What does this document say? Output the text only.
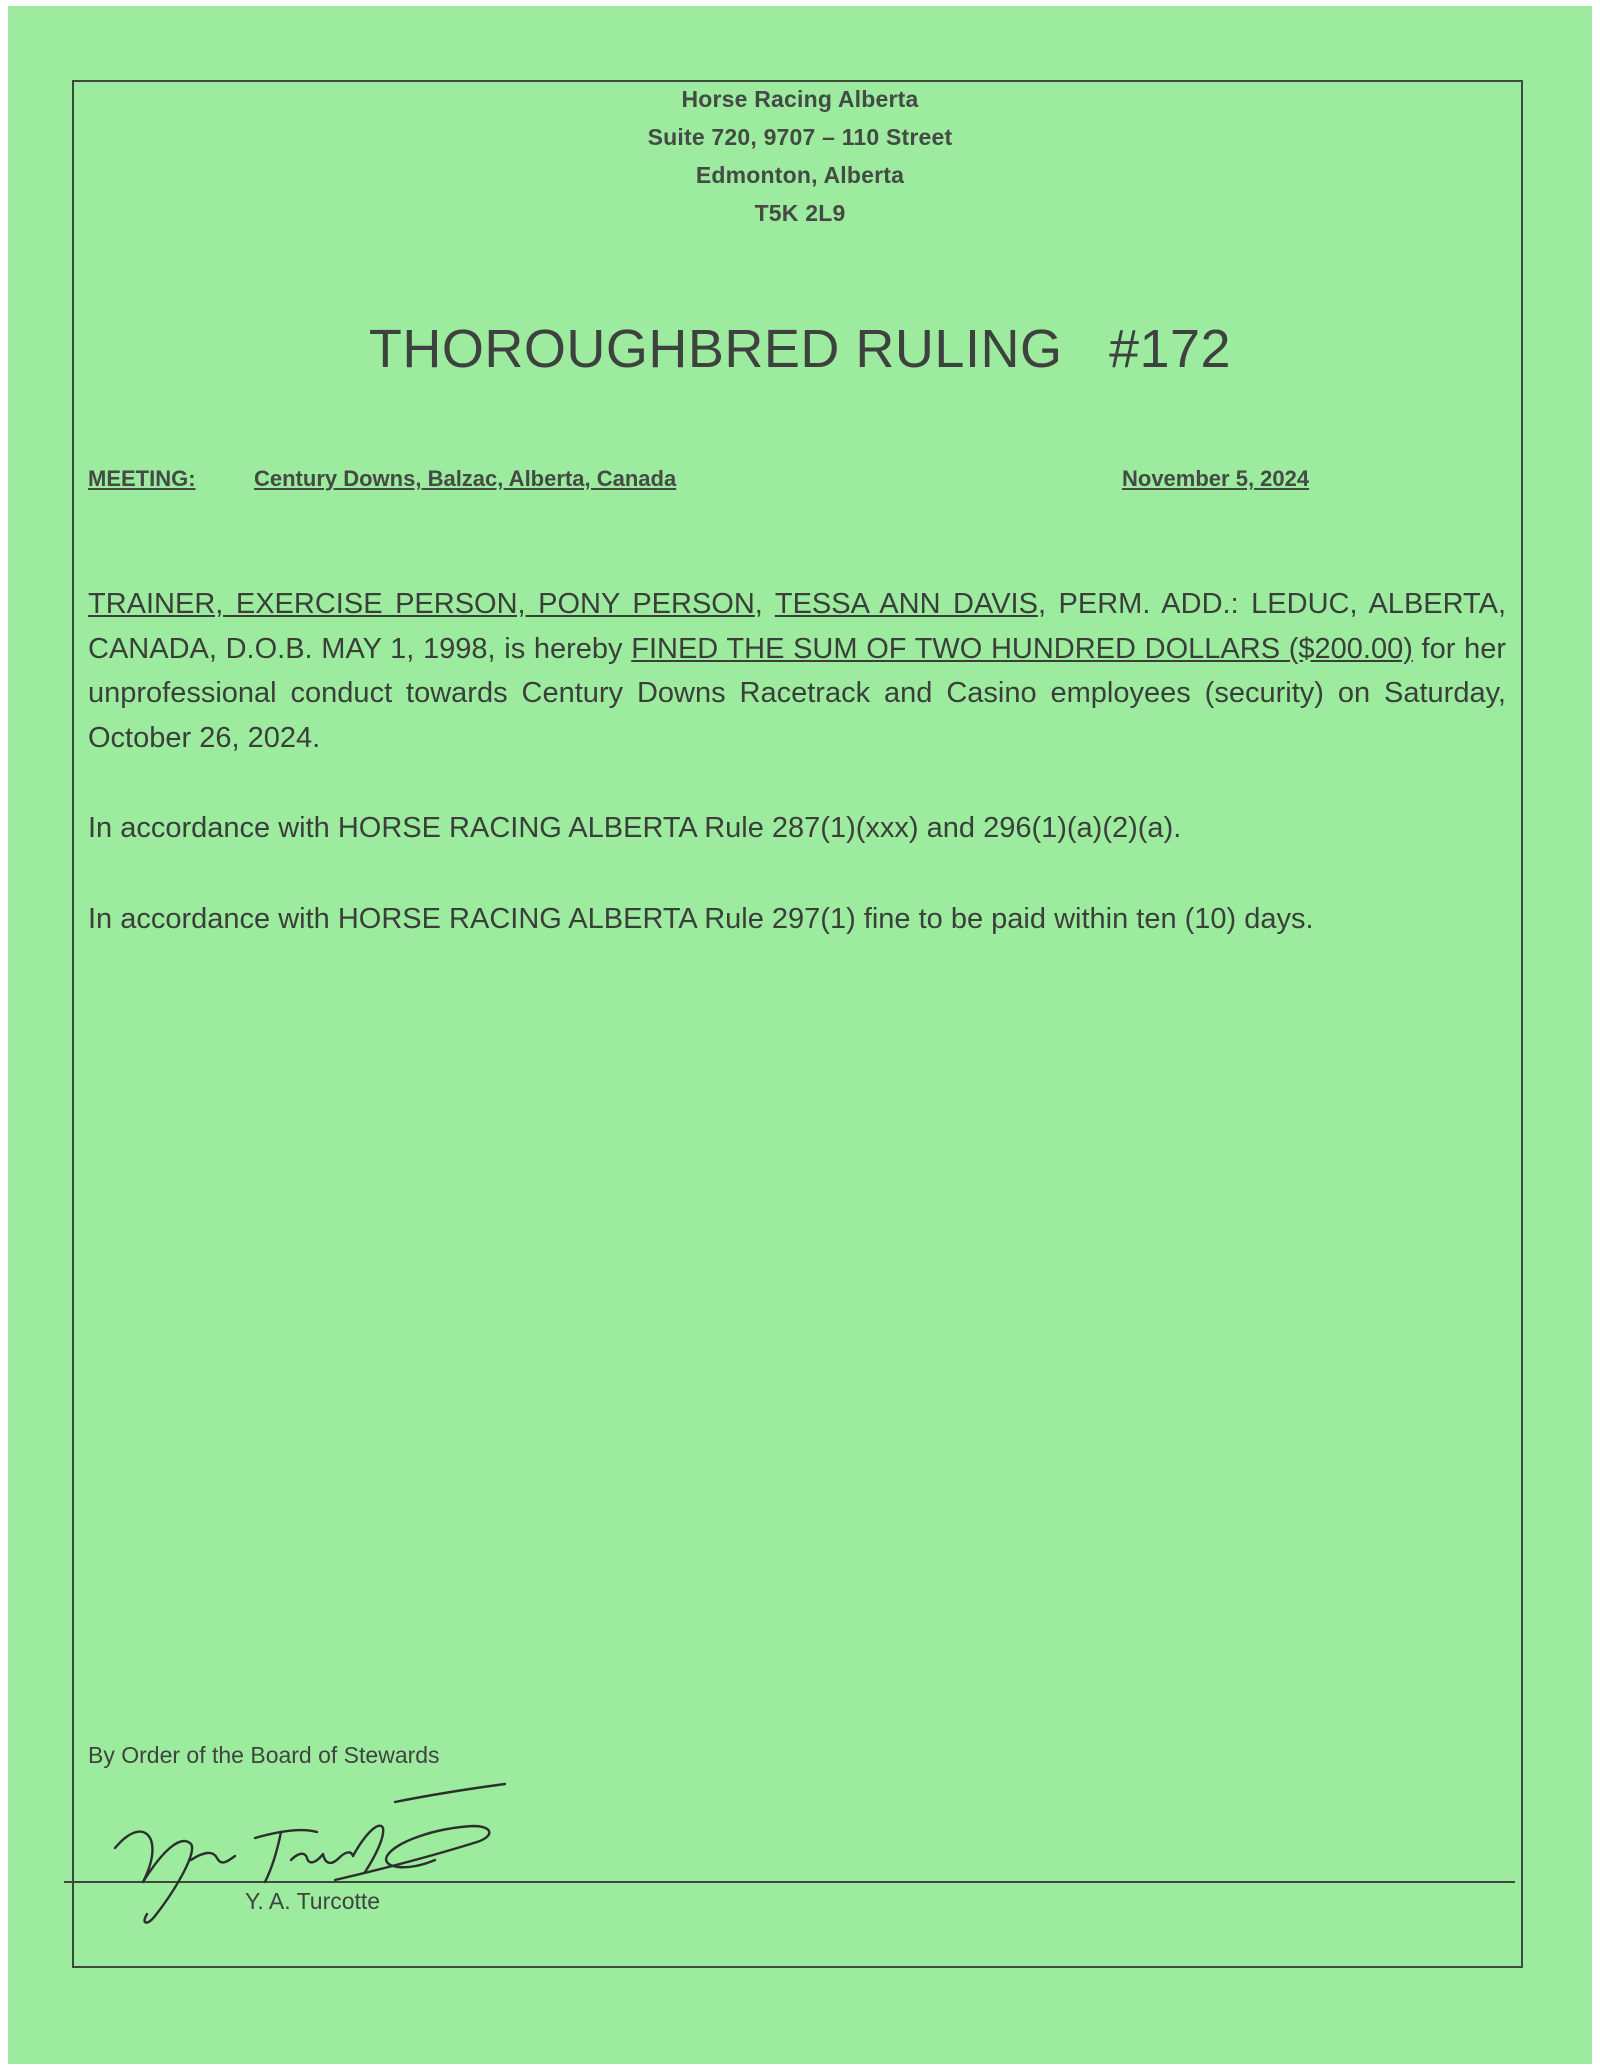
Horse Racing Alberta
Suite 720, 9707 – 110 Street
Edmonton, Alberta
T5K 2L9
THOROUGHBRED RULING   #172
MEETING:	Century Downs, Balzac, Alberta, Canada	November 5, 2024
TRAINER, EXERCISE PERSON, PONY PERSON, TESSA ANN DAVIS, PERM. ADD.: LEDUC, ALBERTA, CANADA, D.O.B. MAY 1, 1998, is hereby FINED THE SUM OF TWO HUNDRED DOLLARS ($200.00) for her unprofessional conduct towards Century Downs Racetrack and Casino employees (security) on Saturday, October 26, 2024.
In accordance with HORSE RACING ALBERTA Rule 287(1)(xxx) and 296(1)(a)(2)(a).
In accordance with HORSE RACING ALBERTA Rule 297(1) fine to be paid within ten (10) days.
By Order of the Board of Stewards
Y. A. Turcotte
